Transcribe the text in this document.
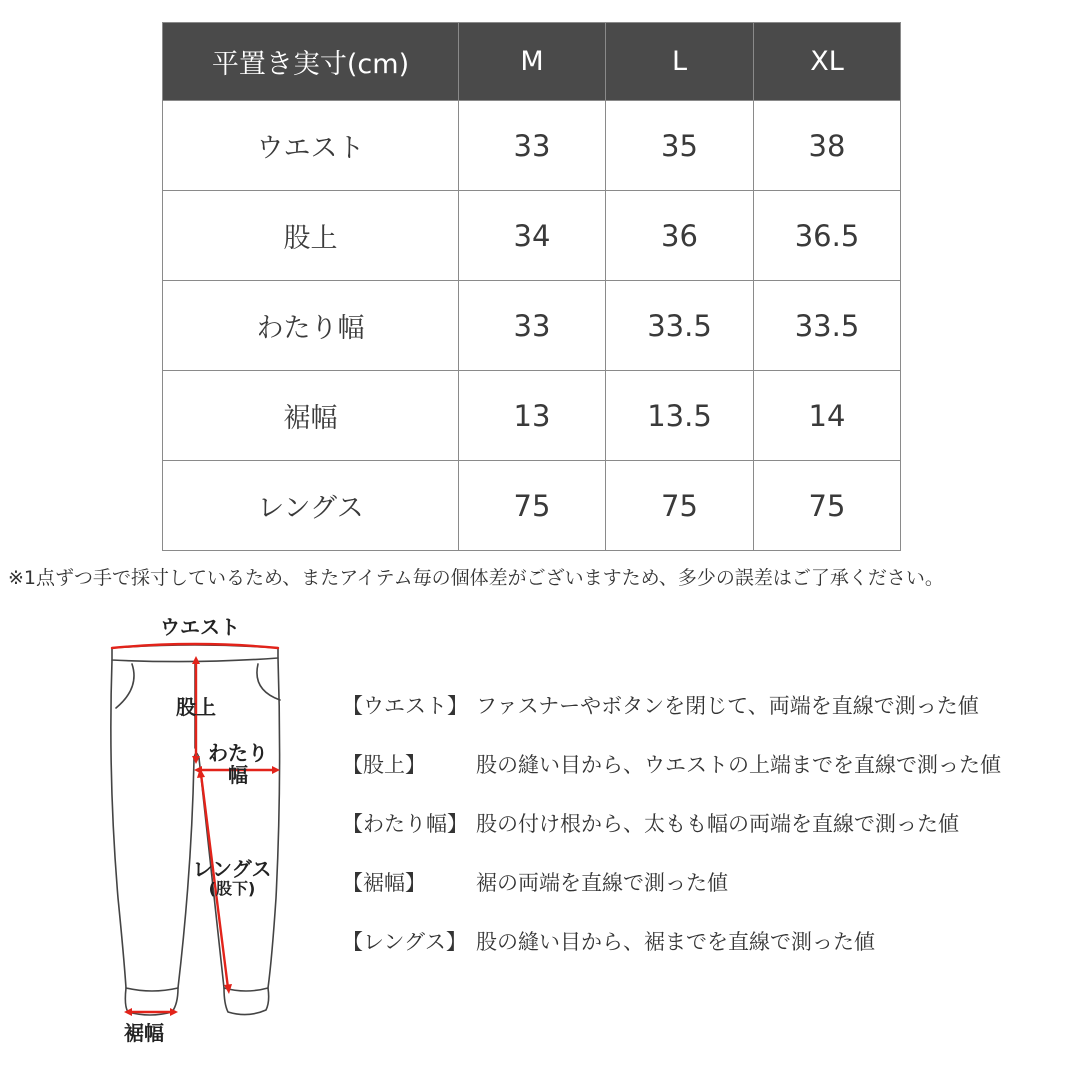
平置き実寸(cm)	M	L	XL
ウエスト	33	35	38
股上	34	36	36.5
わたり幅	33	33.5	33.5
裾幅	13	13.5	14
レングス	75	75	75
※1点ずつ手で採寸しているため、またアイテム毎の個体差がございますため、多少の誤差はご了承ください。
ウエスト
股上
わたり
幅
レングス
(股下)
裾幅
【ウエスト】 ファスナーやボタンを閉じて、両端を直線で測った値
【股上】 股の縫い目から、ウエストの上端までを直線で測った値
【わたり幅】 股の付け根から、太もも幅の両端を直線で測った値
【裾幅】 裾の両端を直線で測った値
【レングス】 股の縫い目から、裾までを直線で測った値
